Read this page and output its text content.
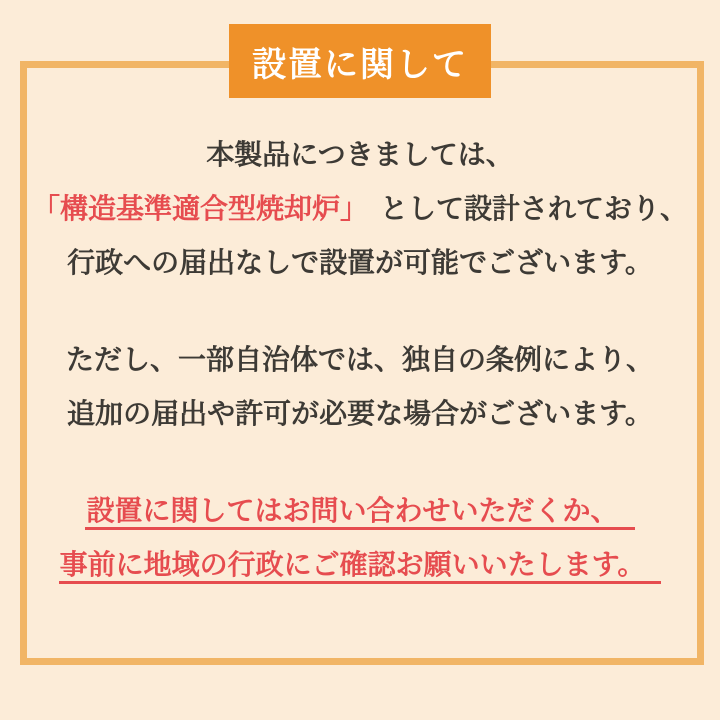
設置に関して

本製品につきましては、
「構造基準適合型焼却炉」 として設計されており、
行政への届出なしで設置が可能でございます。

ただし、一部自治体では、独自の条例により、
追加の届出や許可が必要な場合がございます。

設置に関してはお問い合わせいただくか、
事前に地域の行政にご確認お願いいたします。
